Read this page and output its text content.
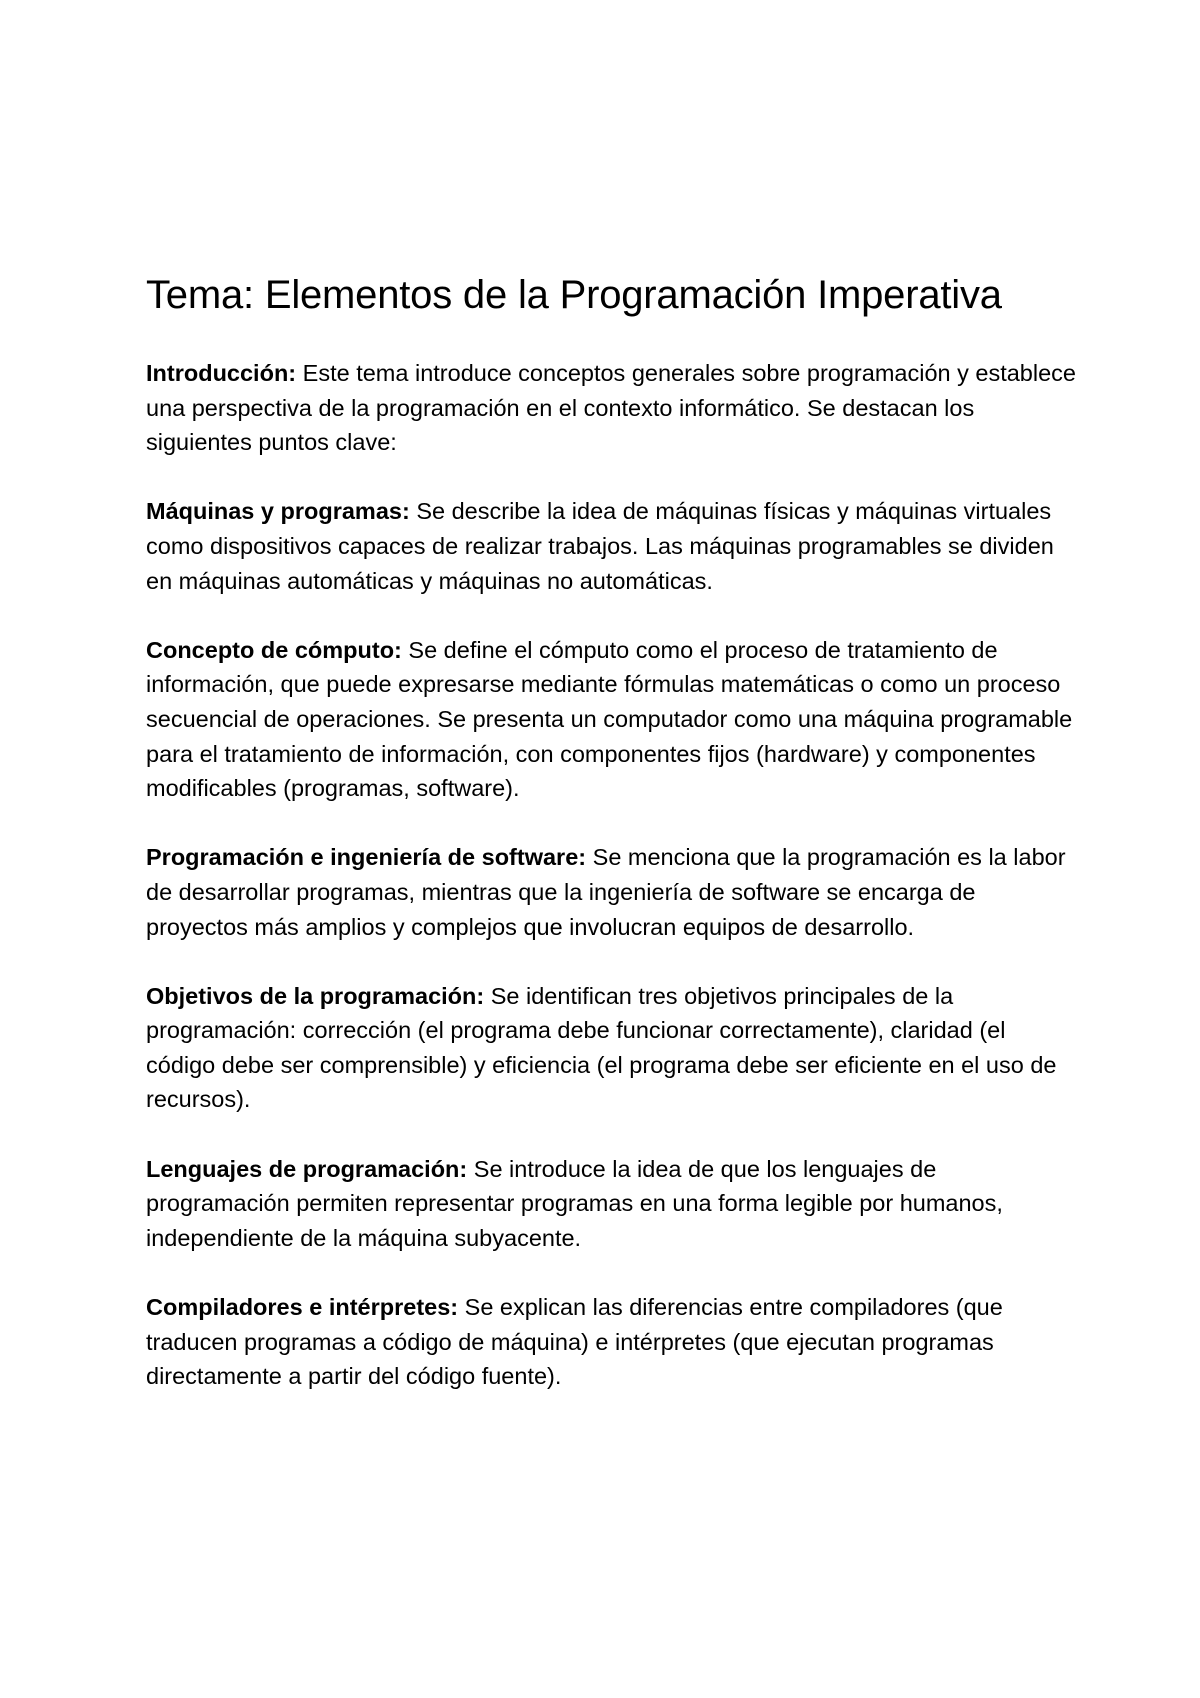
Tema: Elementos de la Programación Imperativa

Introducción: Este tema introduce conceptos generales sobre programación y establece una perspectiva de la programación en el contexto informático. Se destacan los siguientes puntos clave:

Máquinas y programas: Se describe la idea de máquinas físicas y máquinas virtuales como dispositivos capaces de realizar trabajos. Las máquinas programables se dividen en máquinas automáticas y máquinas no automáticas.

Concepto de cómputo: Se define el cómputo como el proceso de tratamiento de información, que puede expresarse mediante fórmulas matemáticas o como un proceso secuencial de operaciones. Se presenta un computador como una máquina programable para el tratamiento de información, con componentes fijos (hardware) y componentes modificables (programas, software).

Programación e ingeniería de software: Se menciona que la programación es la labor de desarrollar programas, mientras que la ingeniería de software se encarga de proyectos más amplios y complejos que involucran equipos de desarrollo.

Objetivos de la programación: Se identifican tres objetivos principales de la programación: corrección (el programa debe funcionar correctamente), claridad (el código debe ser comprensible) y eficiencia (el programa debe ser eficiente en el uso de recursos).

Lenguajes de programación: Se introduce la idea de que los lenguajes de programación permiten representar programas en una forma legible por humanos, independiente de la máquina subyacente.

Compiladores e intérpretes: Se explican las diferencias entre compiladores (que traducen programas a código de máquina) e intérpretes (que ejecutan programas directamente a partir del código fuente).
